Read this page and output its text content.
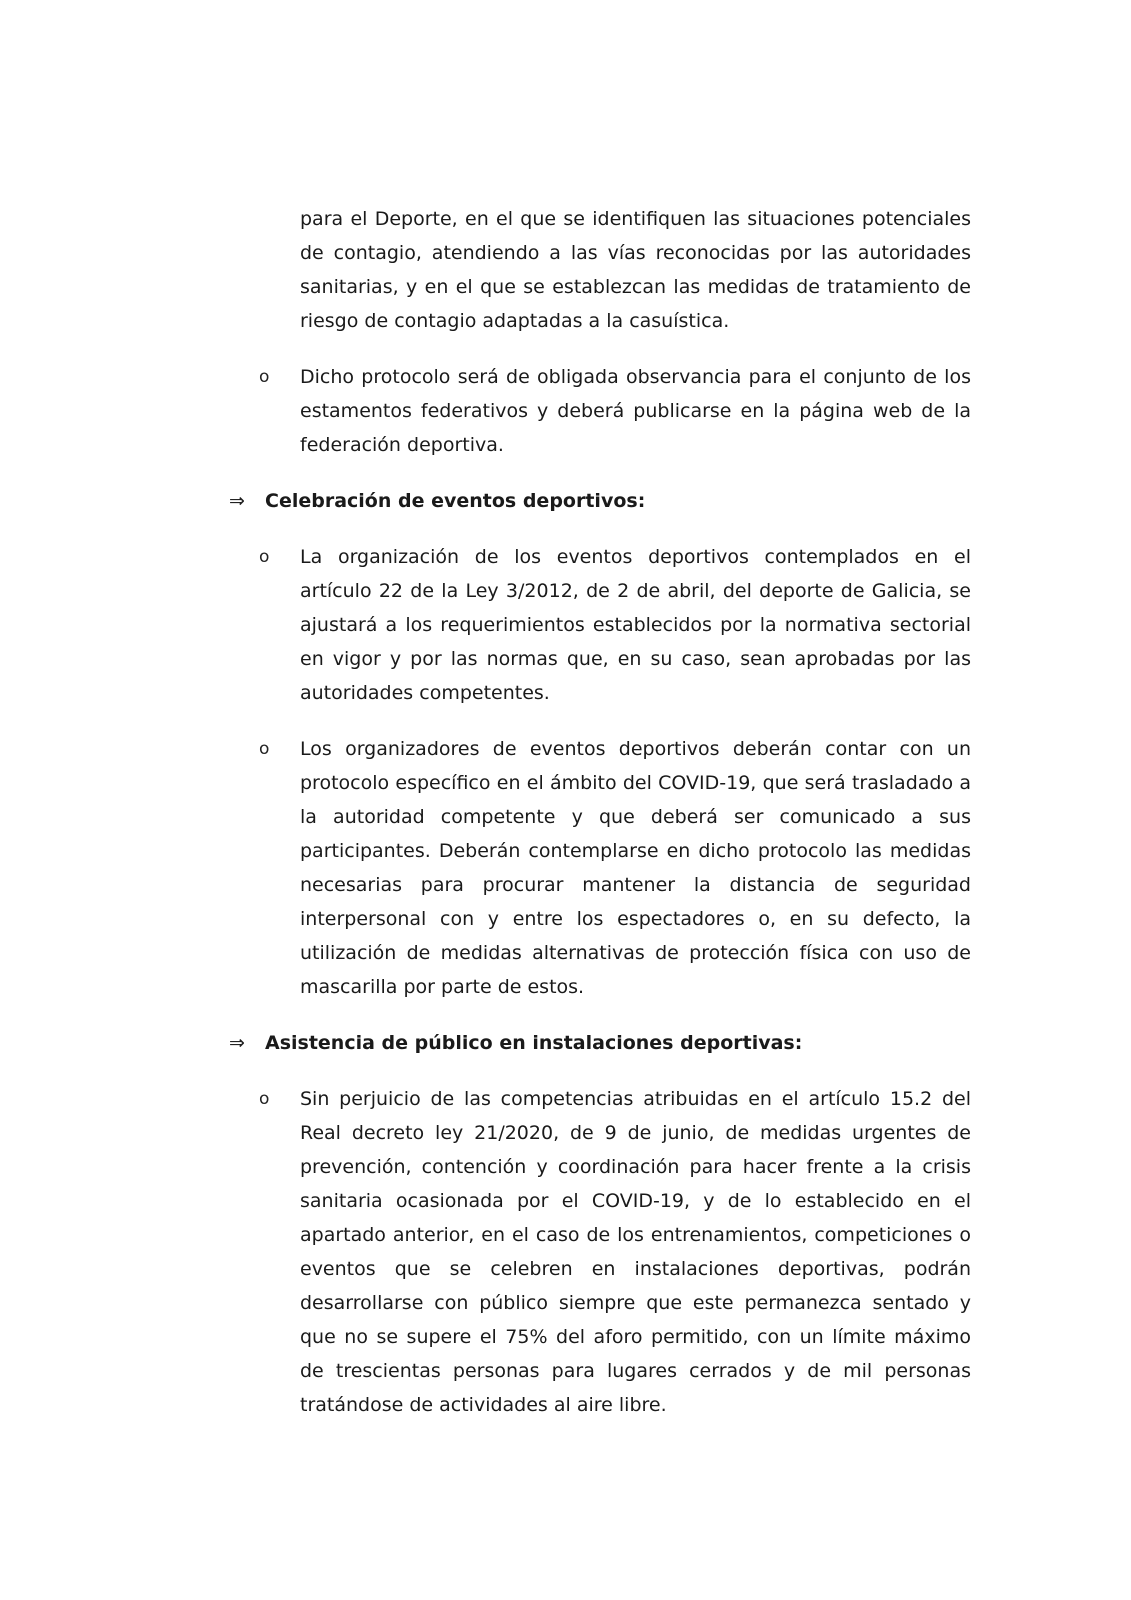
para el Deporte, en el que se identifiquen las situaciones potenciales de contagio, atendiendo a las vías reconocidas por las autoridades sanitarias, y en el que se establezcan las medidas de tratamiento de riesgo de contagio adaptadas a la casuística.

o Dicho protocolo será de obligada observancia para el conjunto de los estamentos federativos y deberá publicarse en la página web de la federación deportiva.

⇒ Celebración de eventos deportivos:

o La organización de los eventos deportivos contemplados en el artículo 22 de la Ley 3/2012, de 2 de abril, del deporte de Galicia, se ajustará a los requerimientos establecidos por la normativa sectorial en vigor y por las normas que, en su caso, sean aprobadas por las autoridades competentes.

o Los organizadores de eventos deportivos deberán contar con un protocolo específico en el ámbito del COVID-19, que será trasladado a la autoridad competente y que deberá ser comunicado a sus participantes. Deberán contemplarse en dicho protocolo las medidas necesarias para procurar mantener la distancia de seguridad interpersonal con y entre los espectadores o, en su defecto, la utilización de medidas alternativas de protección física con uso de mascarilla por parte de estos.

⇒ Asistencia de público en instalaciones deportivas:

o Sin perjuicio de las competencias atribuidas en el artículo 15.2 del Real decreto ley 21/2020, de 9 de junio, de medidas urgentes de prevención, contención y coordinación para hacer frente a la crisis sanitaria ocasionada por el COVID-19, y de lo establecido en el apartado anterior, en el caso de los entrenamientos, competiciones o eventos que se celebren en instalaciones deportivas, podrán desarrollarse con público siempre que este permanezca sentado y que no se supere el 75% del aforo permitido, con un límite máximo de trescientas personas para lugares cerrados y de mil personas tratándose de actividades al aire libre.
